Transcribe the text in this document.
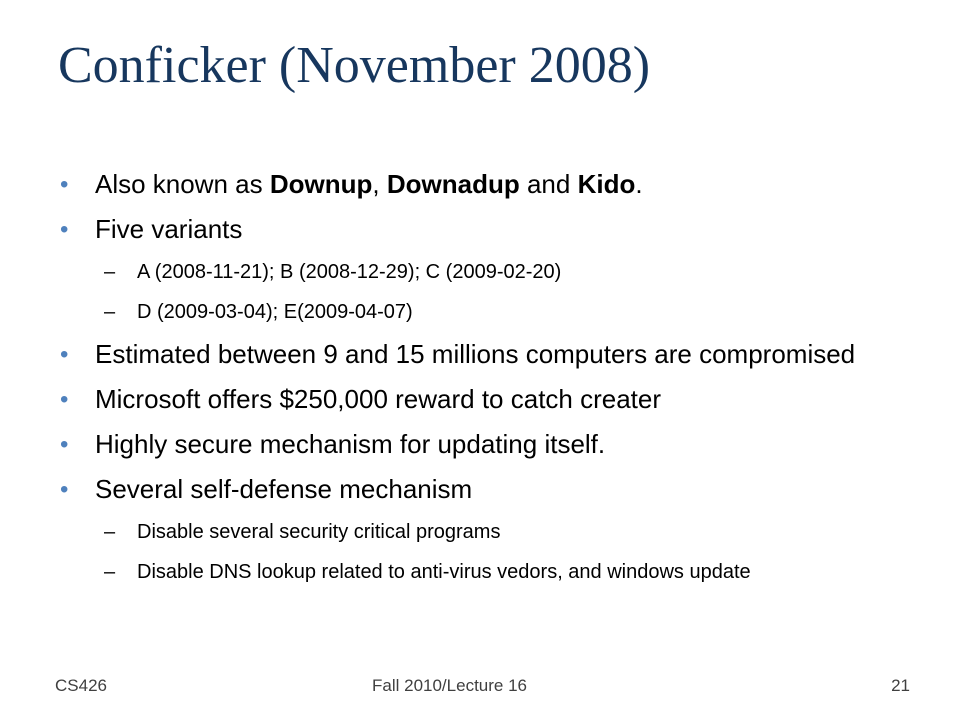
Conficker (November 2008)
• Also known as Downup, Downadup and Kido.
• Five variants
– A (2008-11-21); B (2008-12-29); C (2009-02-20)
– D (2009-03-04); E(2009-04-07)
• Estimated between 9 and 15 millions computers are compromised
• Microsoft offers $250,000 reward to catch creater
• Highly secure mechanism for updating itself.
• Several self-defense mechanism
– Disable several security critical programs
– Disable DNS lookup related to anti-virus vedors, and windows update
CS426	Fall 2010/Lecture 16	21
